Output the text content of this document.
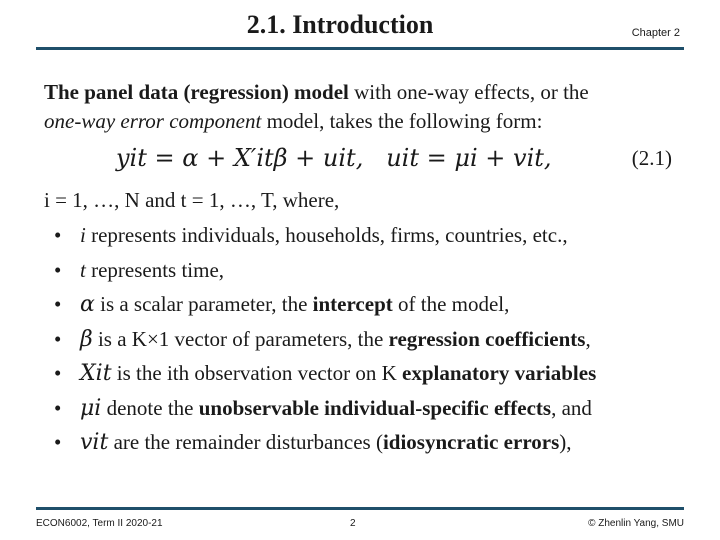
2.1. Introduction	Chapter 2

The panel data (regression) model with one-way effects, or the

one-way error component model, takes the following form:

yit = α + X′itβ + uit, uit = μi + vit,	(2.1)

i = 1, …, N and t = 1, …, T, where,

• i represents individuals, households, firms, countries, etc.,
• t represents time,
• α is a scalar parameter, the intercept of the model,
• β is a K×1 vector of parameters, the regression coefficients,
• Xit is the ith observation vector on K explanatory variables
• μi denote the unobservable individual-specific effects, and
• vit are the remainder disturbances (idiosyncratic errors),
ECON6002, Term II 2020-21	2	© Zhenlin Yang, SMU
